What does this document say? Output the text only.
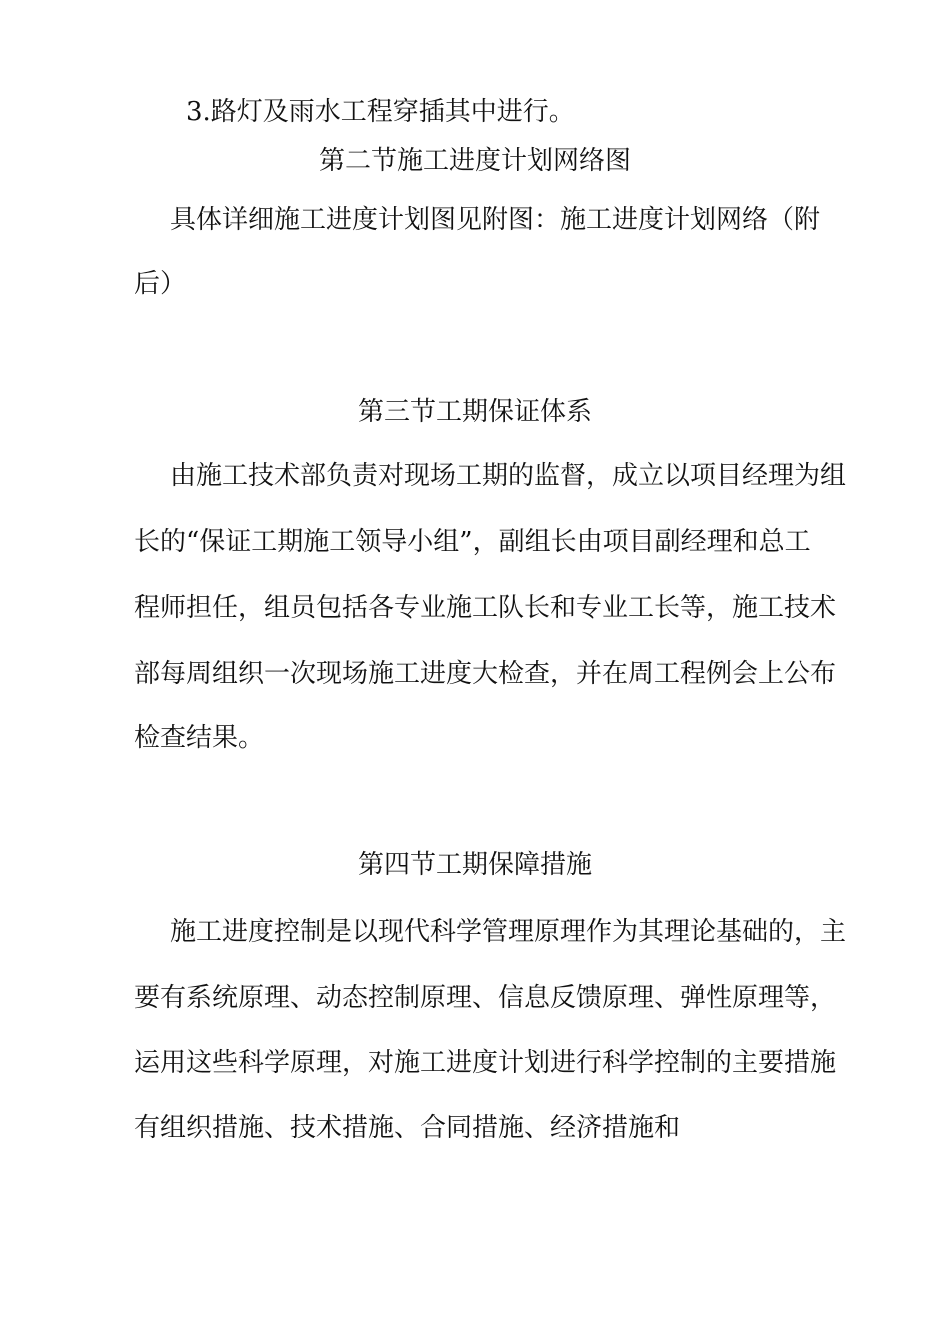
3.路灯及雨水工程穿插其中进行。
第二节施工进度计划网络图
具体详细施工进度计划图见附图：施工进度计划网络（附
后）
第三节工期保证体系
由施工技术部负责对现场工期的监督，成立以项目经理为组
长的“保证工期施工领导小组”，副组长由项目副经理和总工
程师担任，组员包括各专业施工队长和专业工长等，施工技术
部每周组织一次现场施工进度大检查，并在周工程例会上公布
检查结果。
第四节工期保障措施
施工进度控制是以现代科学管理原理作为其理论基础的，主
要有系统原理、动态控制原理、信息反馈原理、弹性原理等，
运用这些科学原理，对施工进度计划进行科学控制的主要措施
有组织措施、技术措施、合同措施、经济措施和
